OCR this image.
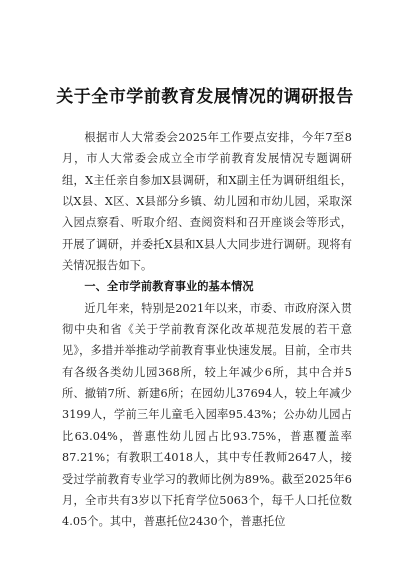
关于全市学前教育发展情况的调研报告

根据市人大常委会2025年工作要点安排，今年7至8月，市人大常委会成立全市学前教育发展情况专题调研组，X主任亲自参加X县调研，和X副主任为调研组组长，以X县、X区、X县部分乡镇、幼儿园和市幼儿园，采取深入园点察看、听取介绍、查阅资料和召开座谈会等形式，开展了调研，并委托X县和X县人大同步进行调研。现将有关情况报告如下。

一、全市学前教育事业的基本情况

近几年来，特别是2021年以来，市委、市政府深入贯彻中央和省《关于学前教育深化改革规范发展的若干意见》，多措并举推动学前教育事业快速发展。目前，全市共有各级各类幼儿园368所，较上年减少6所，其中合并5所、撤销7所、新建6所；在园幼儿37694人，较上年减少3199人，学前三年儿童毛入园率95.43%；公办幼儿园占比63.04%，普惠性幼儿园占比93.75%，普惠覆盖率87.21%；有教职工4018人，其中专任教师2647人，接受过学前教育专业学习的教师比例为89%。截至2025年6月，全市共有3岁以下托育学位5063个，每千人口托位数4.05个。其中，普惠托位2430个，普惠托位
